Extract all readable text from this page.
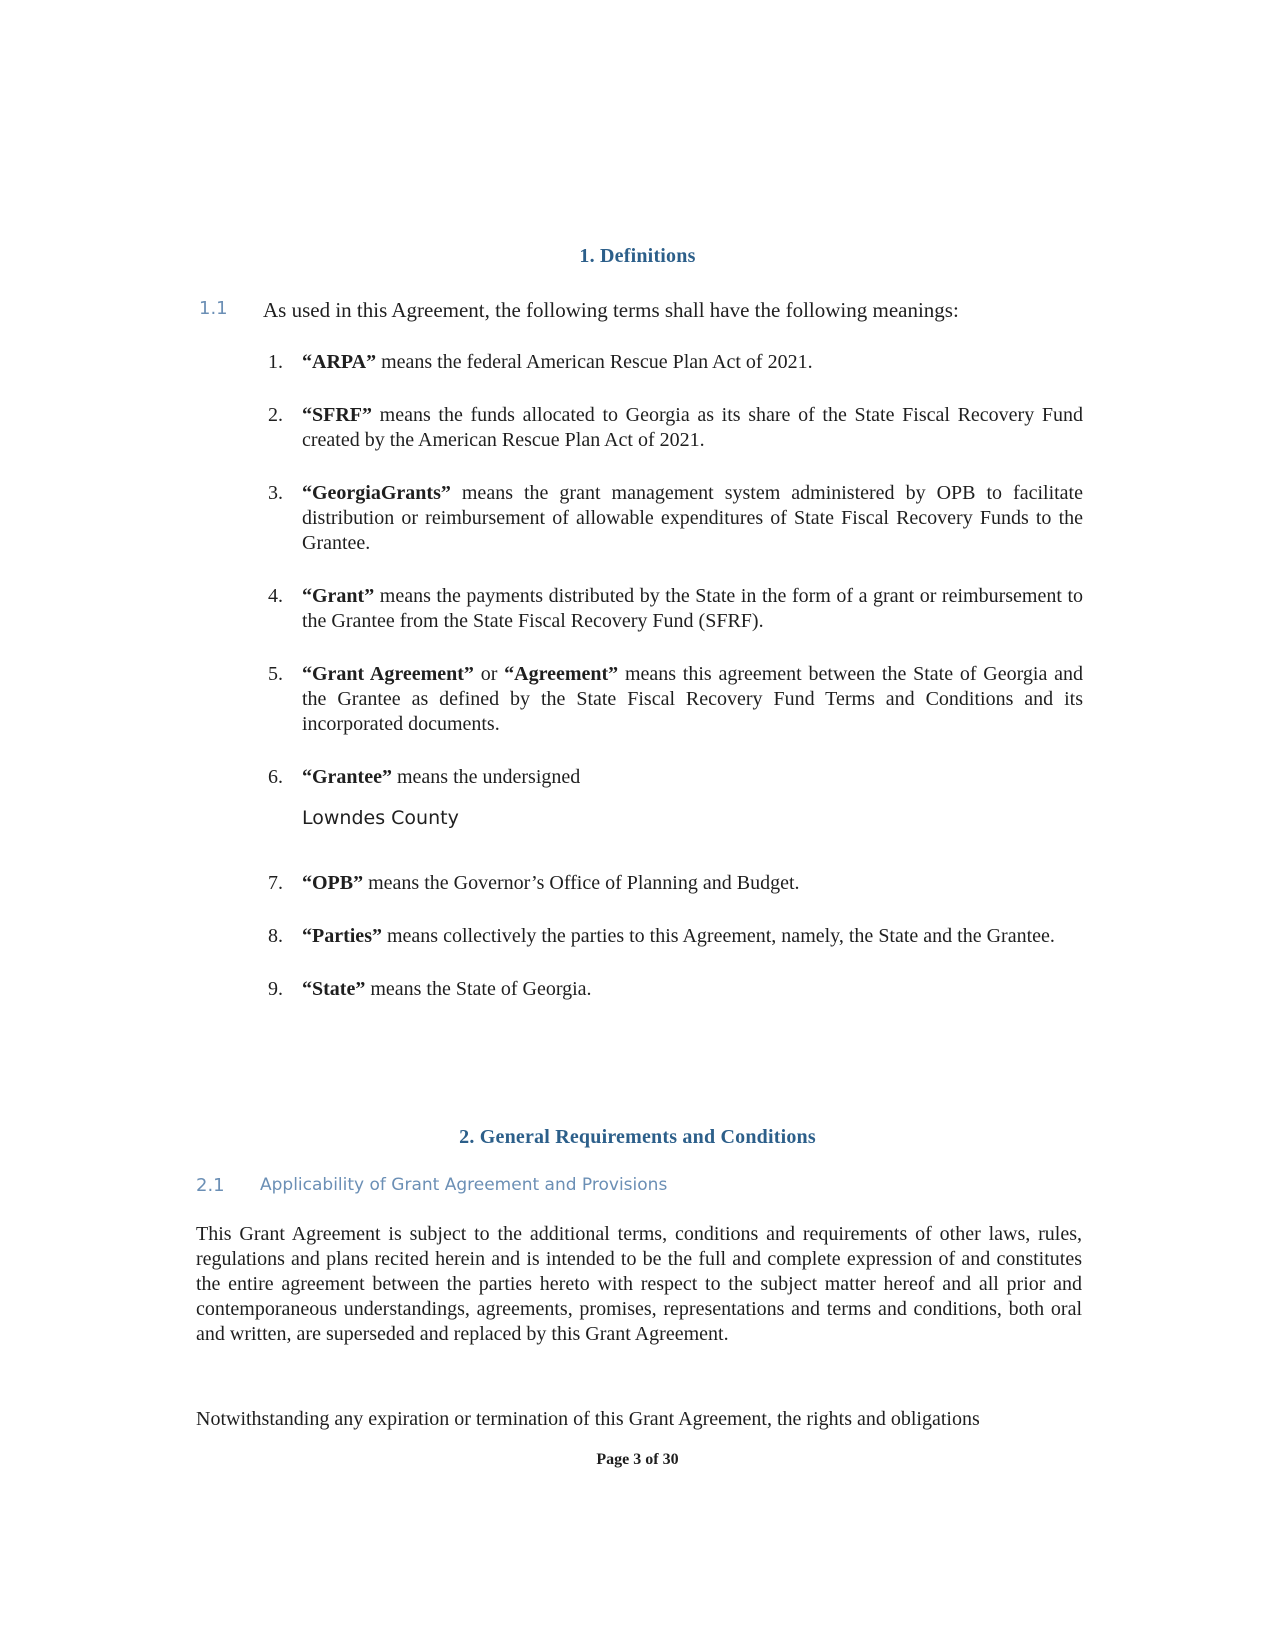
1. Definitions
1.1 As used in this Agreement, the following terms shall have the following meanings:
1. “ARPA” means the federal American Rescue Plan Act of 2021.
2. “SFRF” means the funds allocated to Georgia as its share of the State Fiscal Recovery Fund created by the American Rescue Plan Act of 2021.
3. “GeorgiaGrants” means the grant management system administered by OPB to facilitate distribution or reimbursement of allowable expenditures of State Fiscal Recovery Funds to the Grantee.
4. “Grant” means the payments distributed by the State in the form of a grant or reimbursement to the Grantee from the State Fiscal Recovery Fund (SFRF).
5. “Grant Agreement” or “Agreement” means this agreement between the State of Georgia and the Grantee as defined by the State Fiscal Recovery Fund Terms and Conditions and its incorporated documents.
6. “Grantee” means the undersigned
Lowndes County
7. “OPB” means the Governor’s Office of Planning and Budget.
8. “Parties” means collectively the parties to this Agreement, namely, the State and the Grantee.
9. “State” means the State of Georgia.
2. General Requirements and Conditions
2.1 Applicability of Grant Agreement and Provisions

This Grant Agreement is subject to the additional terms, conditions and requirements of other laws, rules, regulations and plans recited herein and is intended to be the full and complete expression of and constitutes the entire agreement between the parties hereto with respect to the subject matter hereof and all prior and contemporaneous understandings, agreements, promises, representations and terms and conditions, both oral and written, are superseded and replaced by this Grant Agreement.

Notwithstanding any expiration or termination of this Grant Agreement, the rights and obligations

Page 3 of 30
